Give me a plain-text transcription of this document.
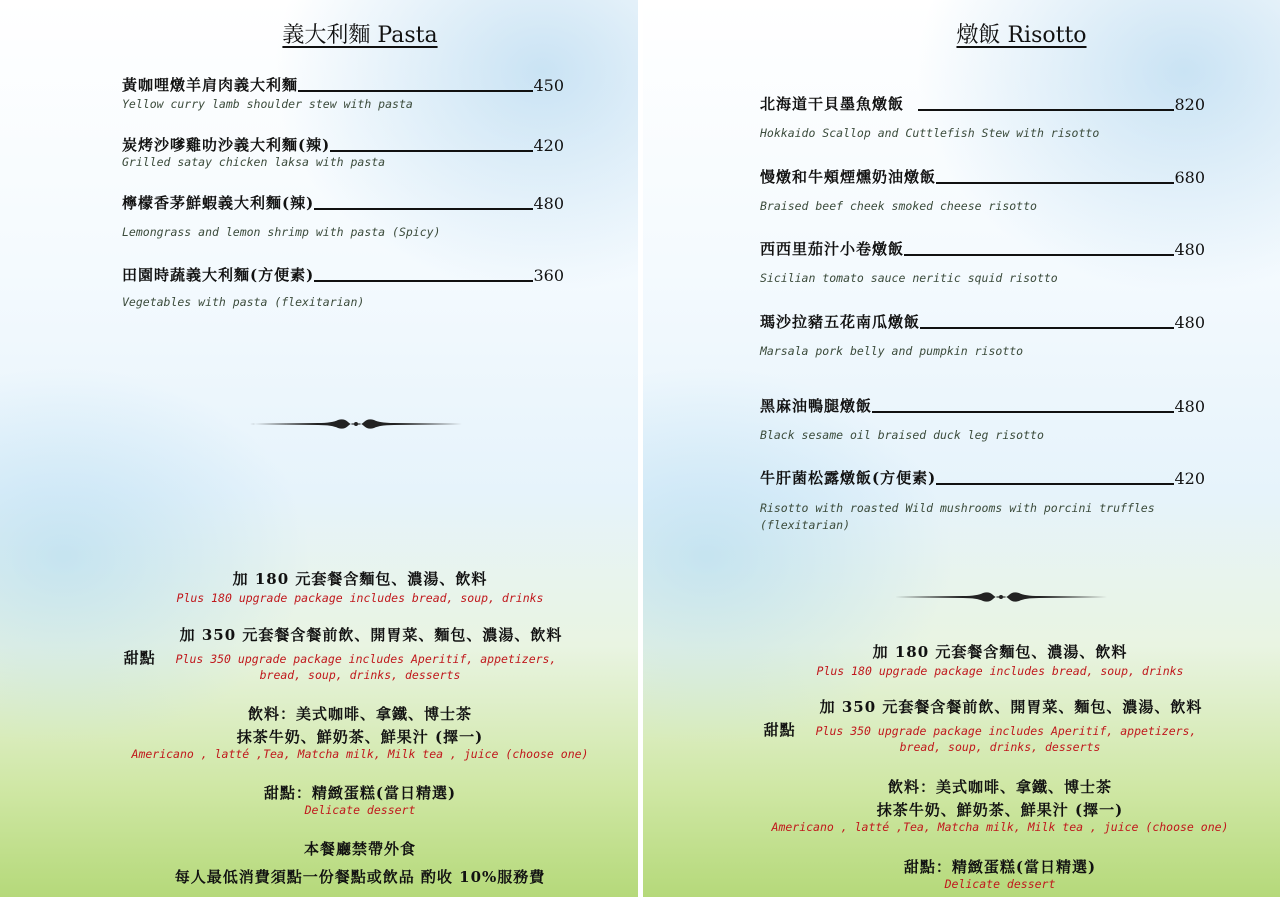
義大利麵 Pasta
黃咖哩燉羊肩肉義大利麵	450
Yellow curry lamb shoulder stew with pasta
炭烤沙嗲雞叻沙義大利麵(辣)	420
Grilled satay chicken laksa with pasta
檸檬香茅鮮蝦義大利麵(辣)	480
Lemongrass and lemon shrimp with pasta (Spicy)
田園時蔬義大利麵(方便素)	360
Vegetables with pasta (flexitarian)
加 180 元套餐含麵包、濃湯、飲料
Plus 180 upgrade package includes bread, soup, drinks
加 350 元套餐含餐前飲、開胃菜、麵包、濃湯、飲料
甜點 Plus 350 upgrade package includes Aperitif, appetizers,
bread, soup, drinks, desserts
飲料：美式咖啡、拿鐵、博士茶
抹茶牛奶、鮮奶茶、鮮果汁 (擇一)
Americano , latté ,Tea, Matcha milk, Milk tea , juice (choose one)
甜點：精緻蛋糕(當日精選)
Delicate dessert
本餐廳禁帶外食
每人最低消費須點一份餐點或飲品 酌收 10%服務費
燉飯 Risotto
北海道干貝墨魚燉飯	820
Hokkaido Scallop and Cuttlefish Stew with risotto
慢燉和牛頰煙燻奶油燉飯	680
Braised beef cheek smoked cheese risotto
西西里茄汁小卷燉飯	480
Sicilian tomato sauce neritic squid risotto
瑪沙拉豬五花南瓜燉飯	480
Marsala pork belly and pumpkin risotto
黑麻油鴨腿燉飯	480
Black sesame oil braised duck leg risotto
牛肝菌松露燉飯(方便素)	420
Risotto with roasted Wild mushrooms with porcini truffles (flexitarian)
加 180 元套餐含麵包、濃湯、飲料
Plus 180 upgrade package includes bread, soup, drinks
加 350 元套餐含餐前飲、開胃菜、麵包、濃湯、飲料
甜點 Plus 350 upgrade package includes Aperitif, appetizers,
bread, soup, drinks, desserts
飲料：美式咖啡、拿鐵、博士茶
抹茶牛奶、鮮奶茶、鮮果汁 (擇一)
Americano , latté ,Tea, Matcha milk, Milk tea , juice (choose one)
甜點：精緻蛋糕(當日精選)
Delicate dessert
